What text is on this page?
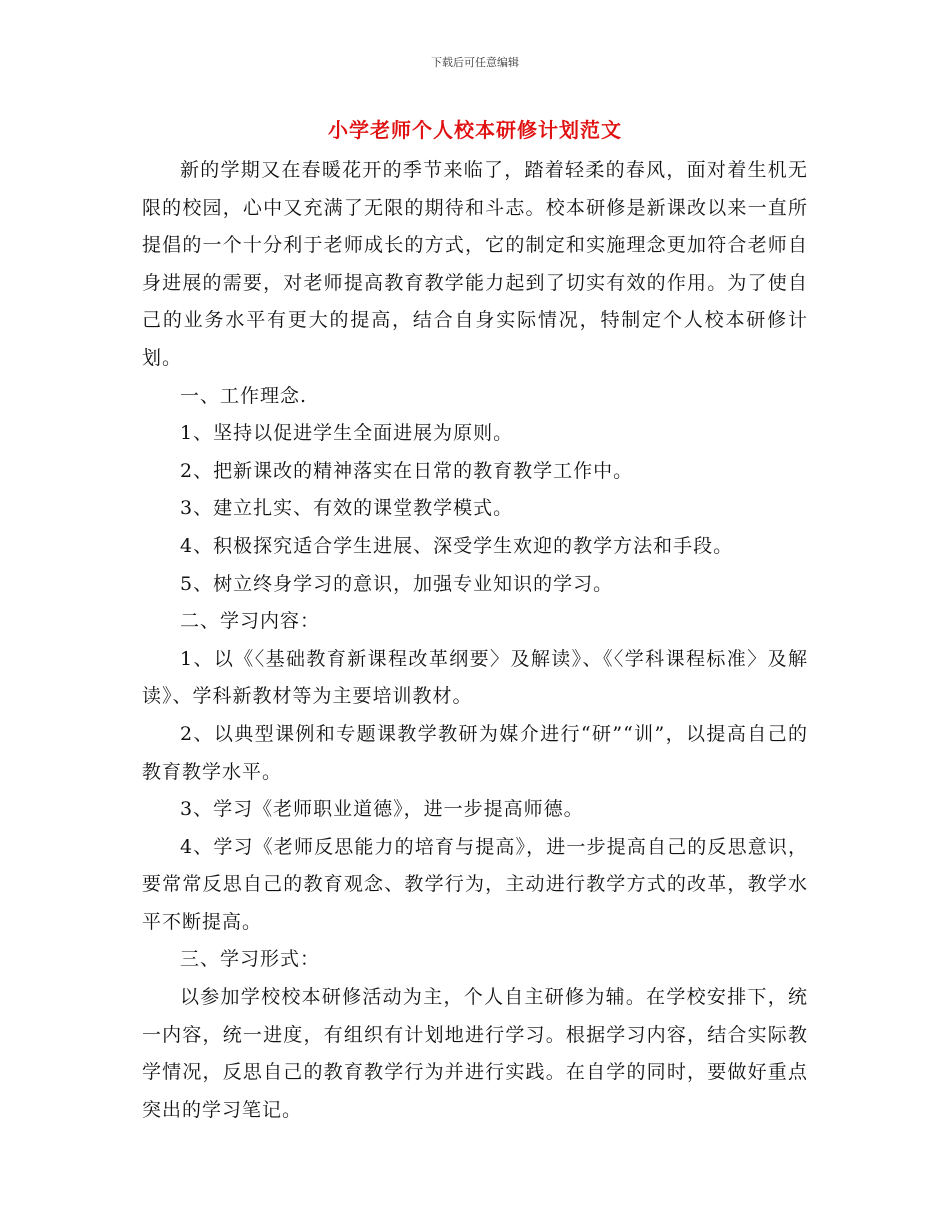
下载后可任意编辑
小学老师个人校本研修计划范文

新的学期又在春暖花开的季节来临了，踏着轻柔的春风，面对着生机无限的校园，心中又充满了无限的期待和斗志。校本研修是新课改以来一直所提倡的一个十分利于老师成长的方式，它的制定和实施理念更加符合老师自身进展的需要，对老师提高教育教学能力起到了切实有效的作用。为了使自己的业务水平有更大的提高，结合自身实际情况，特制定个人校本研修计划。

一、工作理念.

1、坚持以促进学生全面进展为原则。

2、把新课改的精神落实在日常的教育教学工作中。

3、建立扎实、有效的课堂教学模式。

4、积极探究适合学生进展、深受学生欢迎的教学方法和手段。

5、树立终身学习的意识，加强专业知识的学习。

二、学习内容：

1、以《〈基础教育新课程改革纲要〉及解读》、《〈学科课程标准〉及解读》、学科新教材等为主要培训教材。

2、以典型课例和专题课教学教研为媒介进行“研”“训”，以提高自己的教育教学水平。

3、学习《老师职业道德》，进一步提高师德。

4、学习《老师反思能力的培育与提高》，进一步提高自己的反思意识，要常常反思自己的教育观念、教学行为，主动进行教学方式的改革，教学水平不断提高。

三、学习形式：

以参加学校校本研修活动为主，个人自主研修为辅。在学校安排下，统一内容，统一进度，有组织有计划地进行学习。根据学习内容，结合实际教学情况，反思自己的教育教学行为并进行实践。在自学的同时，要做好重点突出的学习笔记。
